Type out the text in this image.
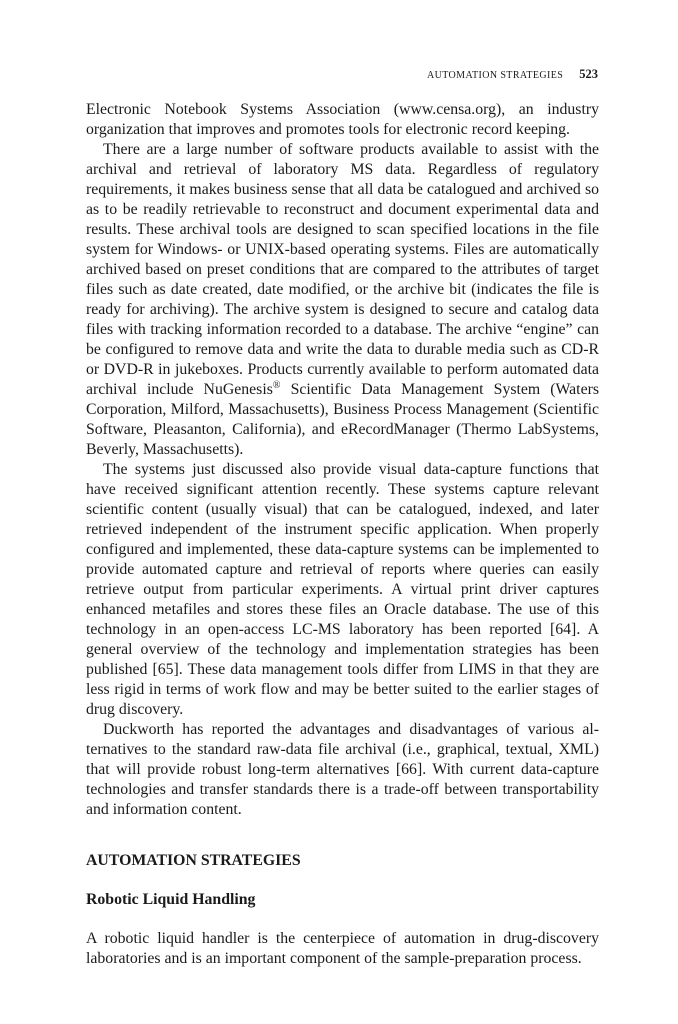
AUTOMATION STRATEGIES 523

Electronic Notebook Systems Association (www.censa.org), an industry organization that improves and promotes tools for electronic record keeping.

There are a large number of software products available to assist with the archival and retrieval of laboratory MS data. Regardless of regulatory requirements, it makes business sense that all data be catalogued and archived so as to be readily retrievable to reconstruct and document experimental data and results. These archival tools are designed to scan specified locations in the file system for Windows- or UNIX-based operating systems. Files are automatically archived based on preset conditions that are compared to the attributes of target files such as date created, date modified, or the archive bit (indicates the file is ready for archiving). The archive system is designed to secure and catalog data files with tracking information recorded to a database. The archive “engine” can be configured to remove data and write the data to durable media such as CD-R or DVD-R in jukeboxes. Products currently available to perform automated data archival include NuGenesis® Scientific Data Management System (Waters Corporation, Milford, Massachusetts), Business Process Management (Scientific Software, Pleasanton, California), and eRecordManager (Thermo LabSystems, Beverly, Massachusetts).

The systems just discussed also provide visual data-capture functions that have received significant attention recently. These systems capture relevant scientific content (usually visual) that can be catalogued, indexed, and later retrieved independent of the instrument specific application. When properly configured and implemented, these data-capture systems can be implemented to provide automated capture and retrieval of reports where queries can easily retrieve output from particular experiments. A virtual print driver captures enhanced metafiles and stores these files an Oracle database. The use of this technology in an open-access LC-MS laboratory has been reported [64]. A general overview of the technology and implementation strategies has been published [65]. These data management tools differ from LIMS in that they are less rigid in terms of work flow and may be better suited to the earlier stages of drug discovery.

Duckworth has reported the advantages and disadvantages of various alternatives to the standard raw-data file archival (i.e., graphical, textual, XML) that will provide robust long-term alternatives [66]. With current data-capture technologies and transfer standards there is a trade-off between transportability and information content.

AUTOMATION STRATEGIES
Robotic Liquid Handling

A robotic liquid handler is the centerpiece of automation in drug-discovery laboratories and is an important component of the sample-preparation process.
